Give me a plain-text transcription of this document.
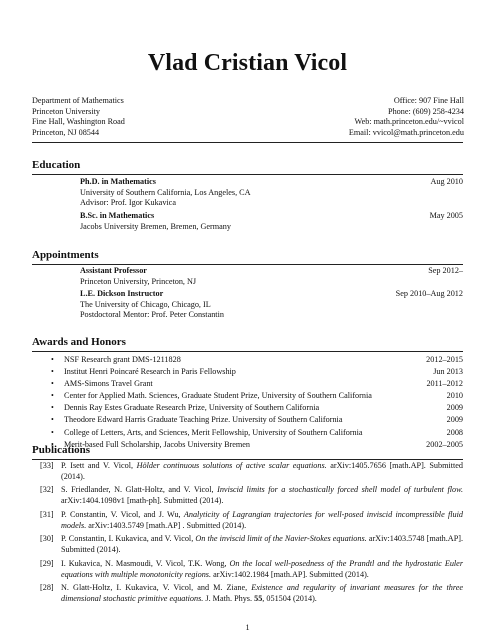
Vlad Cristian Vicol
Department of Mathematics
Princeton University
Fine Hall, Washington Road
Princeton, NJ 08544
Office: 907 Fine Hall
Phone: (609) 258-4234
Web: math.princeton.edu/~vvicol
Email: vvicol@math.princeton.edu
Education
Ph.D. in Mathematics	Aug 2010
University of Southern California, Los Angeles, CA
Advisor: Prof. Igor Kukavica
B.Sc. in Mathematics	May 2005
Jacobs University Bremen, Bremen, Germany
Appointments
Assistant Professor	Sep 2012–
Princeton University, Princeton, NJ
L.E. Dickson Instructor	Sep 2010–Aug 2012
The University of Chicago, Chicago, IL
Postdoctoral Mentor: Prof. Peter Constantin
Awards and Honors
• NSF Research grant DMS-1211828	2012–2015
• Institut Henri Poincaré Research in Paris Fellowship	Jun 2013
• AMS-Simons Travel Grant	2011–2012
• Center for Applied Math. Sciences, Graduate Student Prize, University of Southern California	2010
• Dennis Ray Estes Graduate Research Prize, University of Southern California	2009
• Theodore Edward Harris Graduate Teaching Prize. University of Southern California	2009
• College of Letters, Arts, and Sciences, Merit Fellowship, University of Southern California	2008
• Merit-based Full Scholarship, Jacobs University Bremen	2002–2005
Publications
[33] P. Isett and V. Vicol, Hölder continuous solutions of active scalar equations. arXiv:1405.7656 [math.AP]. Submitted (2014).
[32] S. Friedlander, N. Glatt-Holtz, and V. Vicol, Inviscid limits for a stochastically forced shell model of turbulent flow. arXiv:1404.1098v1 [math-ph]. Submitted (2014).
[31] P. Constantin, V. Vicol, and J. Wu, Analyticity of Lagrangian trajectories for well-posed inviscid incompressible fluid models. arXiv:1403.5749 [math.AP] . Submitted (2014).
[30] P. Constantin, I. Kukavica, and V. Vicol, On the inviscid limit of the Navier-Stokes equations. arXiv:1403.5748 [math.AP]. Submitted (2014).
[29] I. Kukavica, N. Masmoudi, V. Vicol, T.K. Wong, On the local well-posedness of the Prandtl and the hydrostatic Euler equations with multiple monotonicity regions. arXiv:1402.1984 [math.AP]. Submitted (2014).
[28] N. Glatt-Holtz, I. Kukavica, V. Vicol, and M. Ziane, Existence and regularity of invariant measures for the three dimensional stochastic primitive equations. J. Math. Phys. 55, 051504 (2014).
1
